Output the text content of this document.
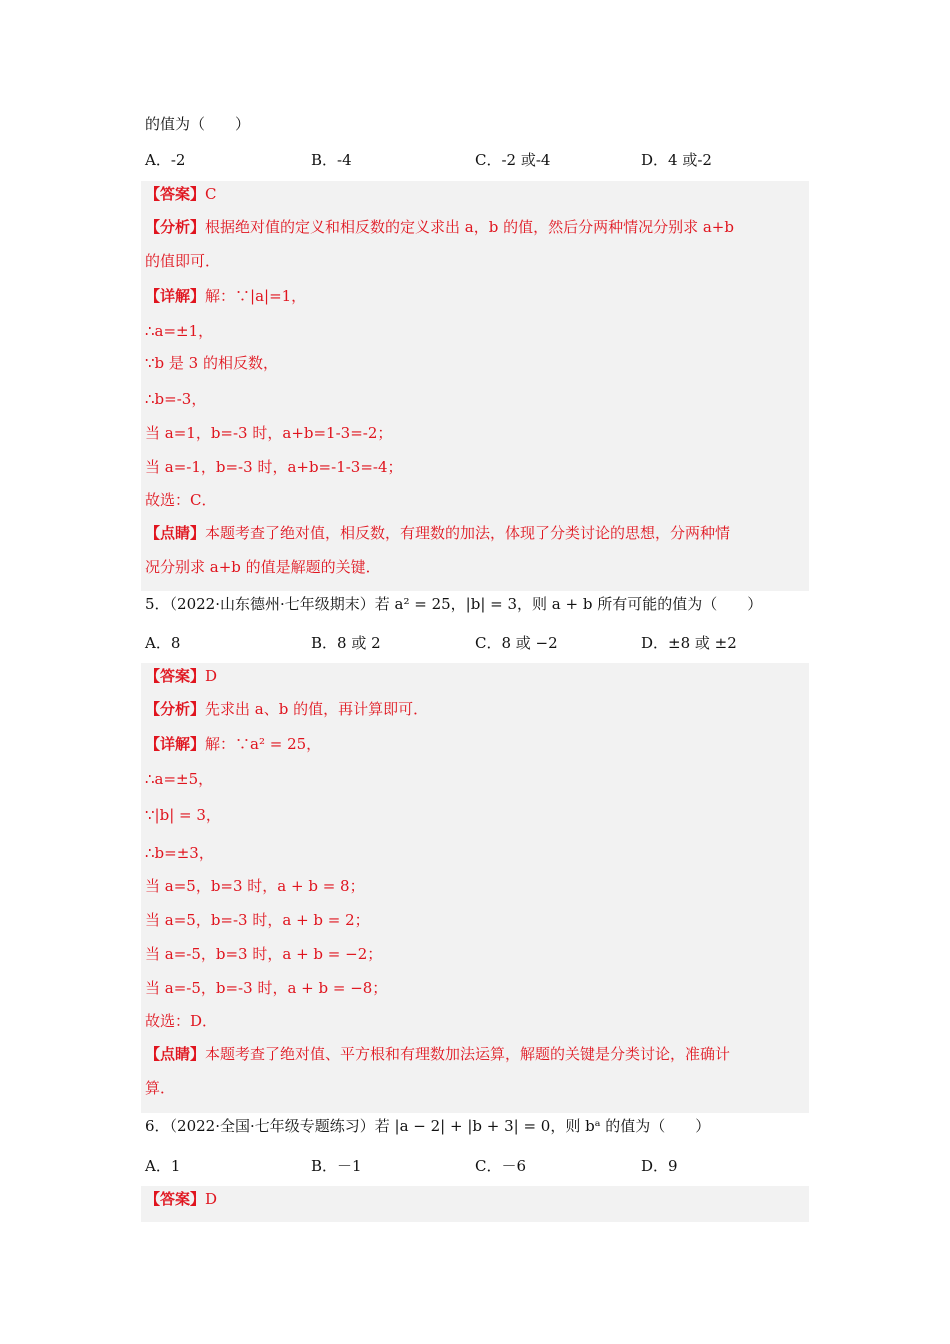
的值为（　　）
A．-2	B．-4	C．-2 或-4	D．4 或-2
【答案】C
【分析】根据绝对值的定义和相反数的定义求出 a，b 的值，然后分两种情况分别求 a+b
的值即可．
【详解】解：∵|a|=1，
∴a=±1，
∵b 是 3 的相反数，
∴b=-3，
当 a=1，b=-3 时，a+b=1-3=-2；
当 a=-1，b=-3 时，a+b=-1-3=-4；
故选：C．
【点睛】本题考查了绝对值，相反数，有理数的加法，体现了分类讨论的思想，分两种情
况分别求 a+b 的值是解题的关键．
5．（2022·山东德州·七年级期末）若 a² = 25，|b| = 3，则 a + b 所有可能的值为（　　）
A．8	B．8 或 2	C．8 或 −2	D．±8 或 ±2
【答案】D
【分析】先求出 a、b 的值，再计算即可．
【详解】解：∵a² = 25，
∴a=±5，
∵|b| = 3，
∴b=±3，
当 a=5，b=3 时，a + b = 8；
当 a=5，b=-3 时，a + b = 2；
当 a=-5，b=3 时，a + b = −2；
当 a=-5，b=-3 时，a + b = −8；
故选：D．
【点睛】本题考查了绝对值、平方根和有理数加法运算，解题的关键是分类讨论，准确计
算．
6．（2022·全国·七年级专题练习）若 |a − 2| + |b + 3| = 0，则 bᵃ 的值为（　　）
A．1	B．－1	C．－6	D．9
【答案】D
